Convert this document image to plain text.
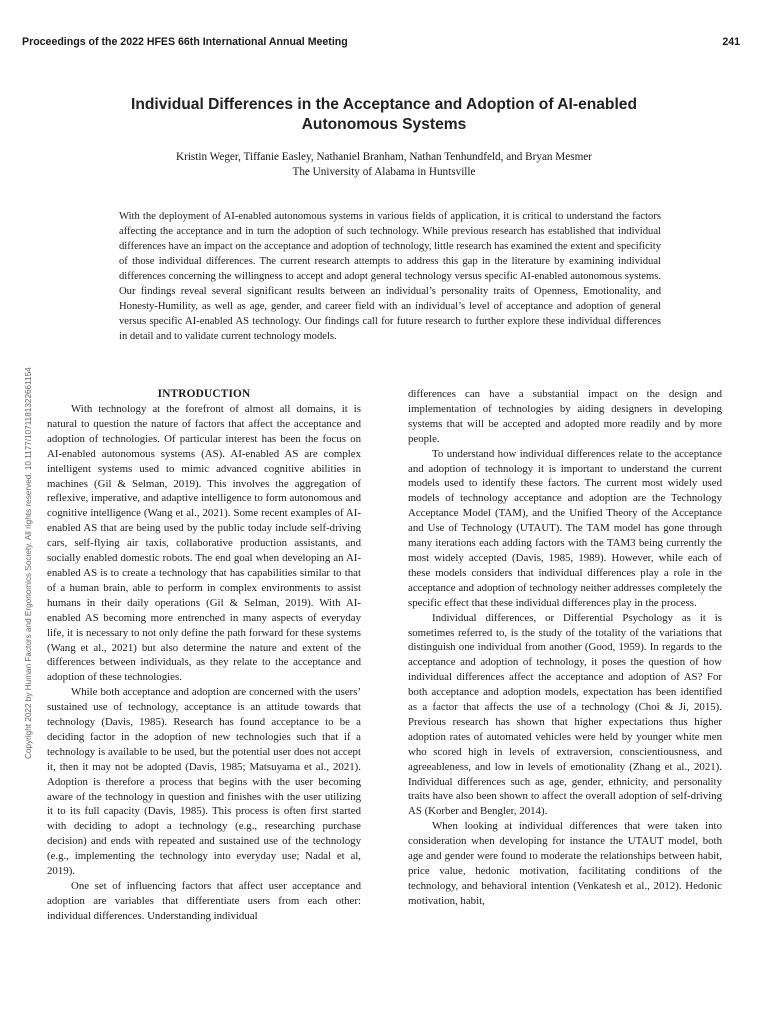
Proceedings of the 2022 HFES 66th International Annual Meeting	241
Individual Differences in the Acceptance and Adoption of AI-enabled
Autonomous Systems
Kristin Weger, Tiffanie Easley, Nathaniel Branham, Nathan Tenhundfeld, and Bryan Mesmer
The University of Alabama in Huntsville

With the deployment of AI-enabled autonomous systems in various fields of application, it is critical to understand the factors affecting the acceptance and in turn the adoption of such technology. While previous research has established that individual differences have an impact on the acceptance and adoption of technology, little research has examined the extent and specificity of those individual differences. The current research attempts to address this gap in the literature by examining individual differences concerning the willingness to accept and adopt general technology versus specific AI-enabled autonomous systems. Our findings reveal several significant results between an individual’s personality traits of Openness, Emotionality, and Honesty-Humility, as well as age, gender, and career field with an individual’s level of acceptance and adoption of general versus specific AI-enabled AS technology. Our findings call for future research to further explore these individual differences in detail and to validate current technology models.

Copyright 2022 by Human Factors and Ergonomics Society. All rights reserved. 10.1177/1071181322661154	INTRODUCTION

With technology at the forefront of almost all domains, it is natural to question the nature of factors that affect the acceptance and adoption of technologies. Of particular interest has been the focus on AI-enabled autonomous systems (AS). AI-enabled AS are complex intelligent systems used to mimic advanced cognitive abilities in machines (Gil & Selman, 2019). This involves the aggregation of reflexive, imperative, and adaptive intelligence to form autonomous and cognitive intelligence (Wang et al., 2021). Some recent examples of AI-enabled AS that are being used by the public today include self-driving cars, self-flying air taxis, collaborative production assistants, and socially enabled domestic robots. The end goal when developing an AI-enabled AS is to create a technology that has capabilities similar to that of a human brain, able to perform in complex environments to assist humans in their daily operations (Gil & Selman, 2019). With AI-enabled AS becoming more entrenched in many aspects of everyday life, it is necessary to not only define the path forward for these systems (Wang et al., 2021) but also determine the nature and extent of the differences between individuals, as they relate to the acceptance and adoption of these technologies.

While both acceptance and adoption are concerned with the users’ sustained use of technology, acceptance is an attitude towards that technology (Davis, 1985). Research has found acceptance to be a deciding factor in the adoption of new technologies such that if a technology is available to be used, but the potential user does not accept it, then it may not be adopted (Davis, 1985; Matsuyama et al., 2021). Adoption is therefore a process that begins with the user becoming aware of the technology in question and finishes with the user utilizing it to its full capacity (Davis, 1985). This process is often first started with deciding to adopt a technology (e.g., researching purchase decision) and ends with repeated and sustained use of the technology (e.g., implementing the technology into everyday use; Nadal et al, 2019).

One set of influencing factors that affect user acceptance and adoption are variables that differentiate users from each other: individual differences. Understanding individual

differences can have a substantial impact on the design and implementation of technologies by aiding designers in developing systems that will be accepted and adopted more readily and by more people.

To understand how individual differences relate to the acceptance and adoption of technology it is important to understand the current models used to identify these factors. The current most widely used models of technology acceptance and adoption are the Technology Acceptance Model (TAM), and the Unified Theory of the Acceptance and Use of Technology (UTAUT). The TAM model has gone through many iterations each adding factors with the TAM3 being currently the most widely accepted (Davis, 1985, 1989). However, while each of these models considers that individual differences play a role in the acceptance and adoption of technology neither addresses completely the specific effect that these individual differences play in the process.

Individual differences, or Differential Psychology as it is sometimes referred to, is the study of the totality of the variations that distinguish one individual from another (Good, 1959). In regards to the acceptance and adoption of technology, it poses the question of how individual differences affect the acceptance and adoption of AS? For both acceptance and adoption models, expectation has been identified as a factor that affects the use of a technology (Choi & Ji, 2015). Previous research has shown that higher expectations thus higher adoption rates of automated vehicles were held by younger white men who scored high in levels of extraversion, conscientiousness, and agreeableness, and low in levels of emotionality (Zhang et al., 2021). Individual differences such as age, gender, ethnicity, and personality traits have also been shown to affect the overall adoption of self-driving AS (Korber and Bengler, 2014).

When looking at individual differences that were taken into consideration when developing for instance the UTAUT model, both age and gender were found to moderate the relationships between habit, price value, hedonic motivation, facilitating conditions of the technology, and behavioral intention (Venkatesh et al., 2012). Hedonic motivation, habit,
